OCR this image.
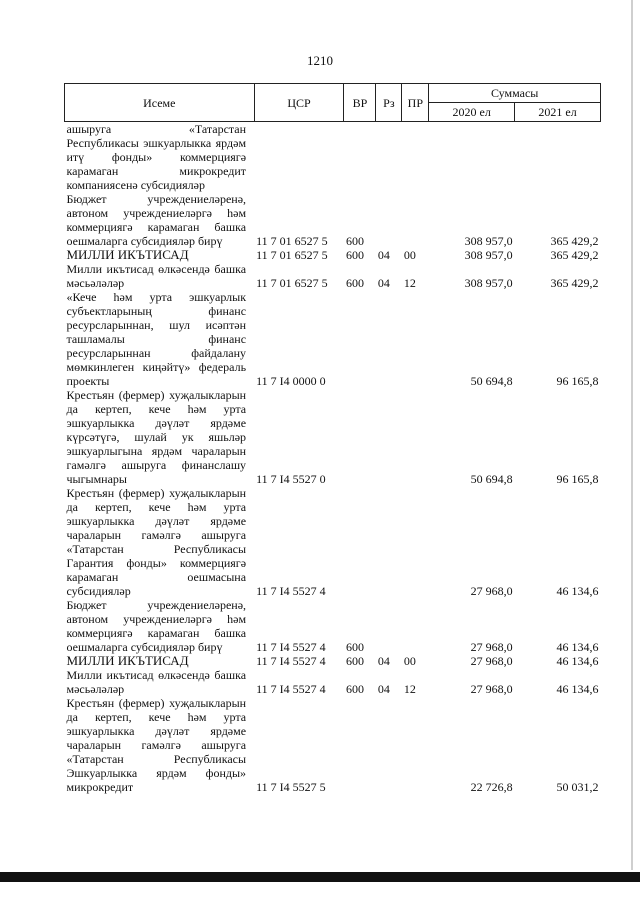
1210
Исеме	ЦСР	ВР	Рз	ПР	Суммасы	
					2020 ел	2021 ел
ашыруга «Татарстан Республикасы эшкуарлыкка ярдәм итү фонды» коммерциягә карамаган микрокредит компаниясенә субсидияләр						
Бюджет учреждениеләренә, автоном учреждениеләргә һәм коммерциягә карамаган башка оешмаларга субсидияләр бирү	11 7 01 6527 5	600			308 957,0	365 429,2
МИЛЛИ ИКЪТИСАД	11 7 01 6527 5	600	04	00	308 957,0	365 429,2
Милли икътисад өлкәсендә башка мәсьәләләр	11 7 01 6527 5	600	04	12	308 957,0	365 429,2
«Кече һәм урта эшкуарлык субъектларының финанс ресурсларыннан, шул исәптән ташламалы финанс ресурсларыннан файдалану мөмкинлеген киңәйтү» федераль проекты	11 7 I4 0000 0				50 694,8	96 165,8
Крестьян (фермер) хуҗалыкларын да кертеп, кече һәм урта эшкуарлыкка дәүләт ярдәме күрсәтүгә, шулай ук яшьләр эшкуарлыгына ярдәм чараларын гамәлгә ашыруга финанслашу чыгымнары	11 7 I4 5527 0				50 694,8	96 165,8
Крестьян (фермер) хуҗалыкларын да кертеп, кече һәм урта эшкуарлыкка дәүләт ярдәме чараларын гамәлгә ашыруга «Татарстан Республикасы Гарантия фонды» коммерциягә карамаган оешмасына субсидияләр	11 7 I4 5527 4				27 968,0	46 134,6
Бюджет учреждениеләренә, автоном учреждениеләргә һәм коммерциягә карамаган башка оешмаларга субсидияләр бирү	11 7 I4 5527 4	600			27 968,0	46 134,6
МИЛЛИ ИКЪТИСАД	11 7 I4 5527 4	600	04	00	27 968,0	46 134,6
Милли икътисад өлкәсендә башка мәсьәләләр	11 7 I4 5527 4	600	04	12	27 968,0	46 134,6
Крестьян (фермер) хуҗалыкларын да кертеп, кече һәм урта эшкуарлыкка дәүләт ярдәме чараларын гамәлгә ашыруга «Татарстан Республикасы Эшкуарлыкка ярдәм фонды» микрокредит	11 7 I4 5527 5				22 726,8	50 031,2
